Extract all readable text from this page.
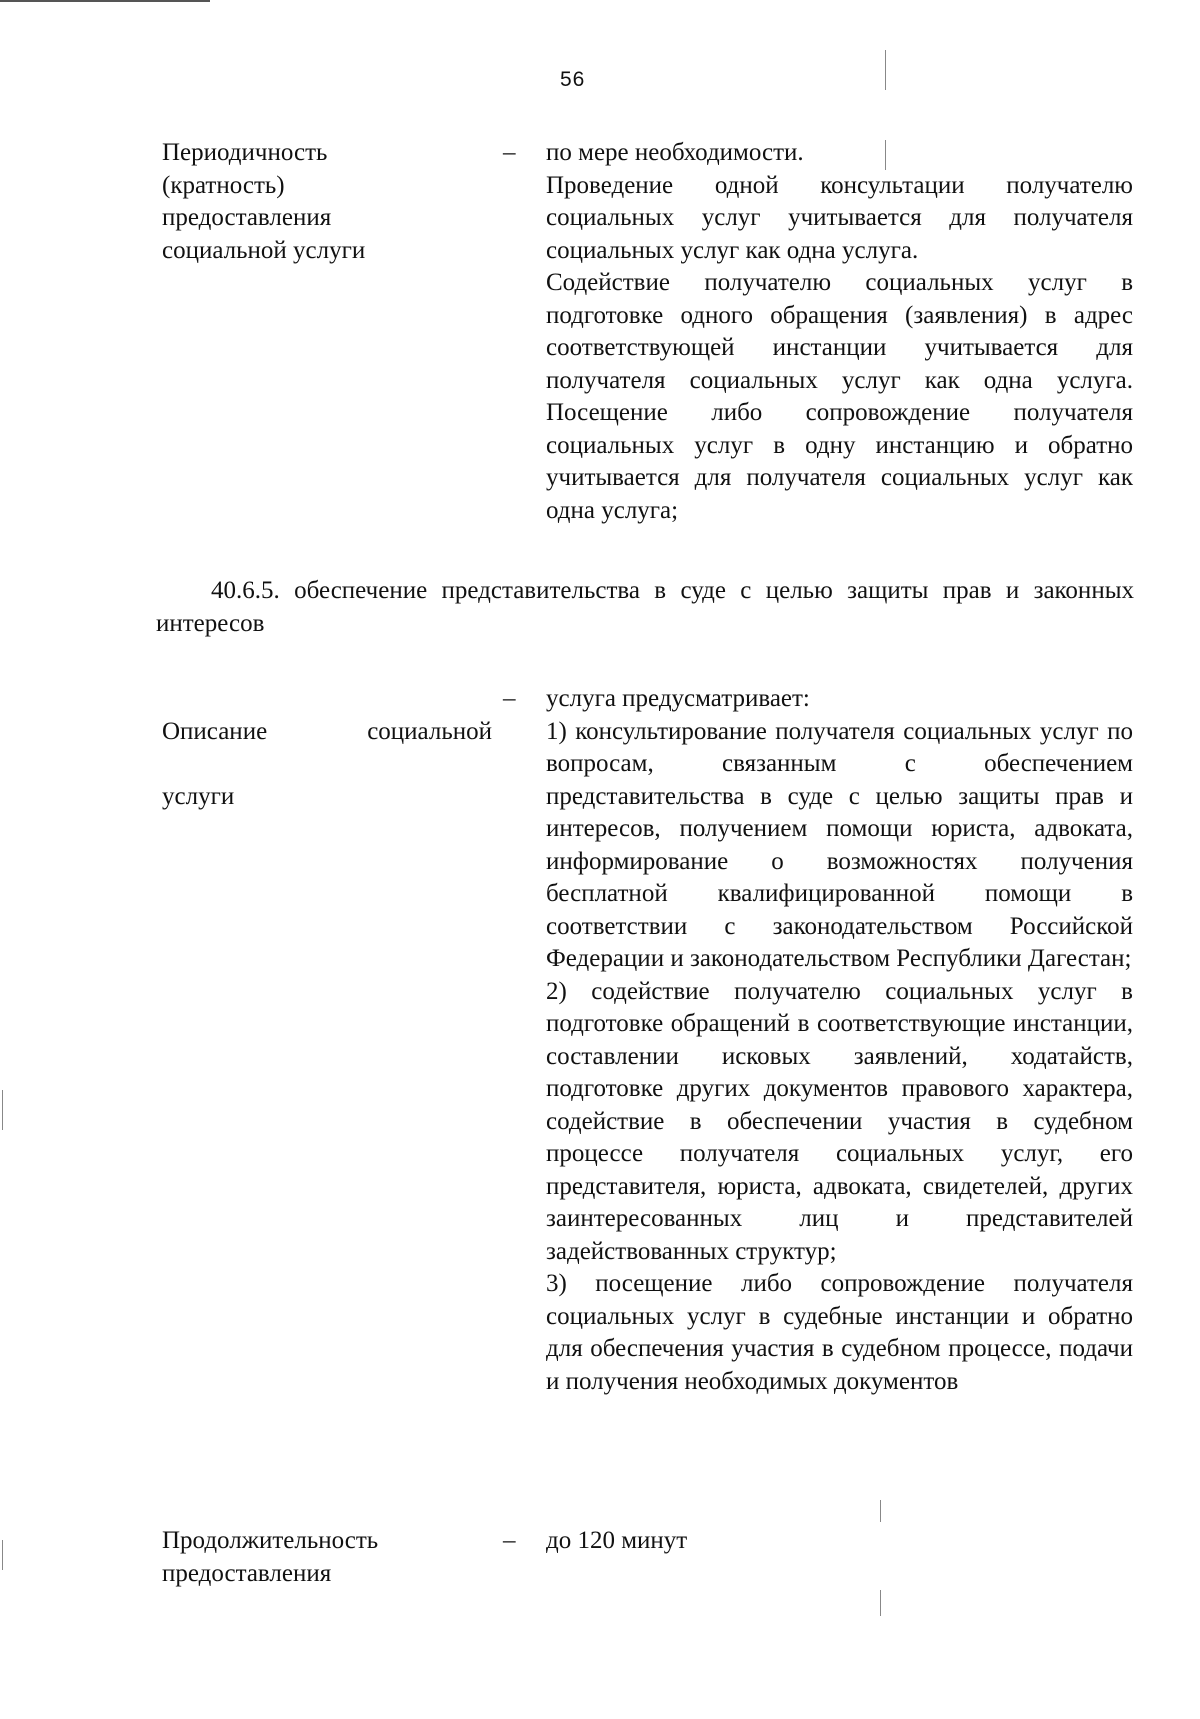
56
Периодичность
(кратность)
предоставления
социальной услуги
– по мере необходимости.

Проведение одной консультации получателю социальных услуг учитывается для получателя социальных услуг как одна услуга.

Содействие получателю социальных услуг в подготовке одного обращения (заявления) в адрес соответствующей инстанции учитывается для получателя социальных услуг как одна услуга. Посещение либо сопровождение получателя социальных услуг в одну инстанцию и обратно учитывается для получателя социальных услуг как одна услуга;

40.6.5. обеспечение представительства в суде с целью защиты прав и законных интересов

Описание	социальной

услуги

– услуга предусматривает:

1) консультирование получателя социальных услуг по вопросам, связанным с обеспечением представительства в суде с целью защиты прав и интересов, получением помощи юриста, адвоката, информирование о возможностях получения бесплатной квалифицированной помощи в соответствии с законодательством Российской Федерации и законодательством Республики Дагестан;

2) содействие получателю социальных услуг в подготовке обращений в соответствующие инстанции, составлении исковых заявлений, ходатайств, подготовке других документов правового характера, содействие в обеспечении участия в судебном процессе получателя социальных услуг, его представителя, юриста, адвоката, свидетелей, других заинтересованных лиц и представителей задействованных структур;

3) посещение либо сопровождение получателя социальных услуг в судебные инстанции и обратно для обеспечения участия в судебном процессе, подачи и получения необходимых документов

Продолжительность
предоставления
– до 120 минут
